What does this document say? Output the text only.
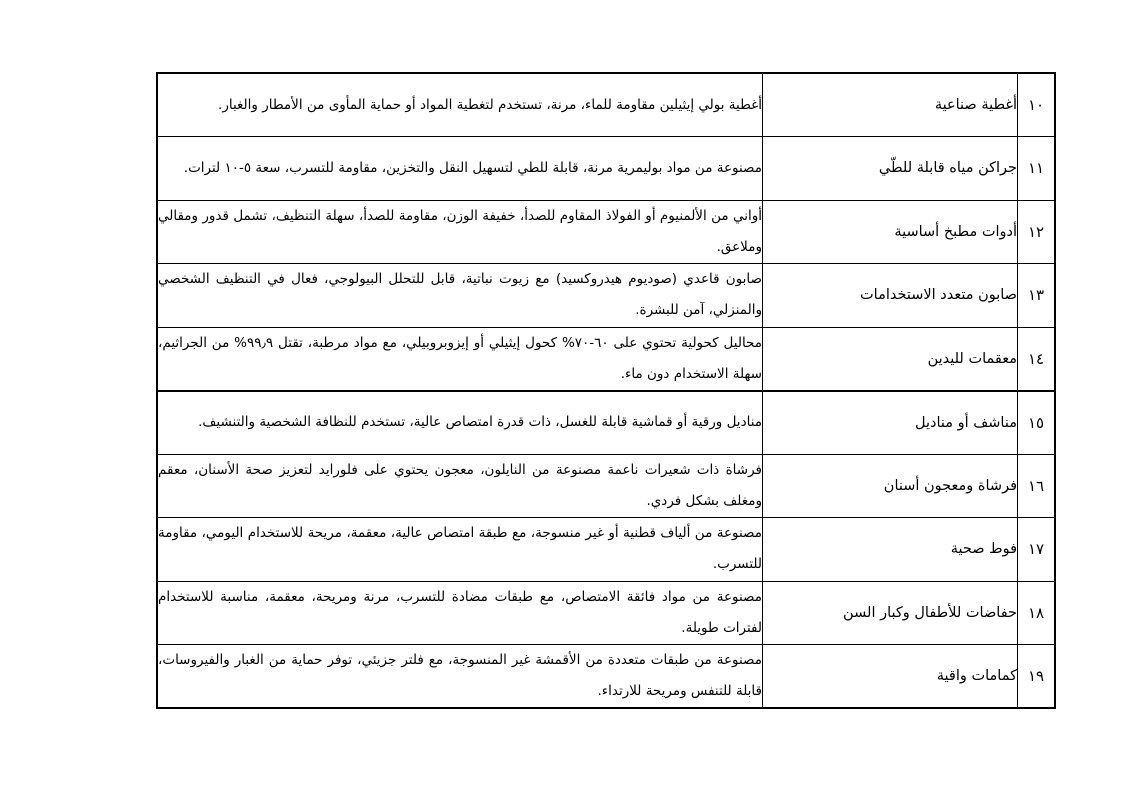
١٠	أغطية صناعية	أغطية بولي إيثيلين مقاومة للماء، مرنة، تستخدم لتغطية المواد أو حماية المأوى من الأمطار والغبار.
١١	جراكن مياه قابلة للطّي	مصنوعة من مواد بوليمرية مرنة، قابلة للطي لتسهيل النقل والتخزين، مقاومة للتسرب، سعة ٥-١٠ لترات.
١٢	أدوات مطبخ أساسية	أواني من الألمنيوم أو الفولاذ المقاوم للصدأ، خفيفة الوزن، مقاومة للصدأ، سهلة التنظيف، تشمل قدور ومقالي وملاعق.
١٣	صابون متعدد الاستخدامات	صابون قاعدي (صوديوم هيدروكسيد) مع زيوت نباتية، قابل للتحلل البيولوجي، فعال في التنظيف الشخصي والمنزلي، آمن للبشرة.
١٤	معقمات لليدين	محاليل كحولية تحتوي على ٦٠-٧٠% كحول إيثيلي أو إيزوبروبيلي، مع مواد مرطبة، تقتل ٩٩٫٩% من الجراثيم، سهلة الاستخدام دون ماء.
١٥	مناشف أو مناديل	مناديل ورقية أو قماشية قابلة للغسل، ذات قدرة امتصاص عالية، تستخدم للنظافة الشخصية والتنشيف.
١٦	فرشاة ومعجون أسنان	فرشاة ذات شعيرات ناعمة مصنوعة من النايلون، معجون يحتوي على فلورايد لتعزيز صحة الأسنان، معقم ومغلف بشكل فردي.
١٧	فوط صحية	مصنوعة من ألياف قطنية أو غير منسوجة، مع طبقة امتصاص عالية، معقمة، مريحة للاستخدام اليومي، مقاومة للتسرب.
١٨	حفاضات للأطفال وكبار السن	مصنوعة من مواد فائقة الامتصاص، مع طبقات مضادة للتسرب، مرنة ومريحة، معقمة، مناسبة للاستخدام لفترات طويلة.
١٩	كمامات واقية	مصنوعة من طبقات متعددة من الأقمشة غير المنسوجة، مع فلتر جزيئي، توفر حماية من الغبار والفيروسات، قابلة للتنفس ومريحة للارتداء.
